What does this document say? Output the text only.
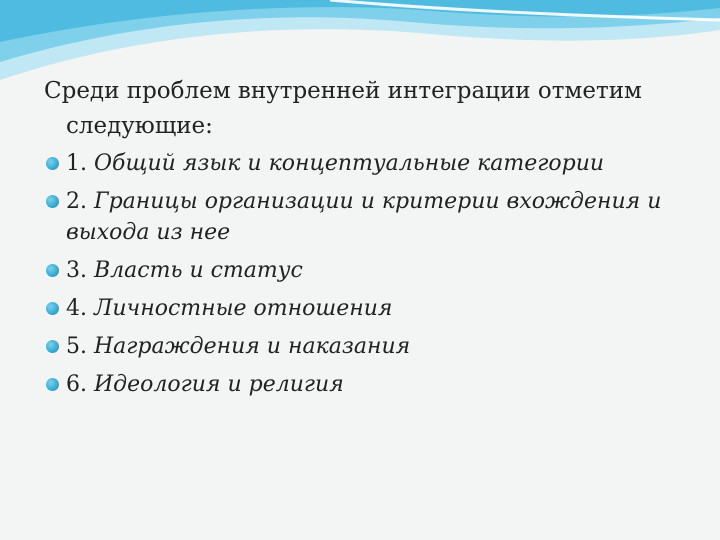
Среди проблем внутренней интеграции отметим следующие:

1. Общий язык и концептуальные категории
2. Границы организации и критерии вхождения и выхода из нее
3. Власть и статус
4. Личностные отношения
5. Награждения и наказания
6. Идеология и религия
